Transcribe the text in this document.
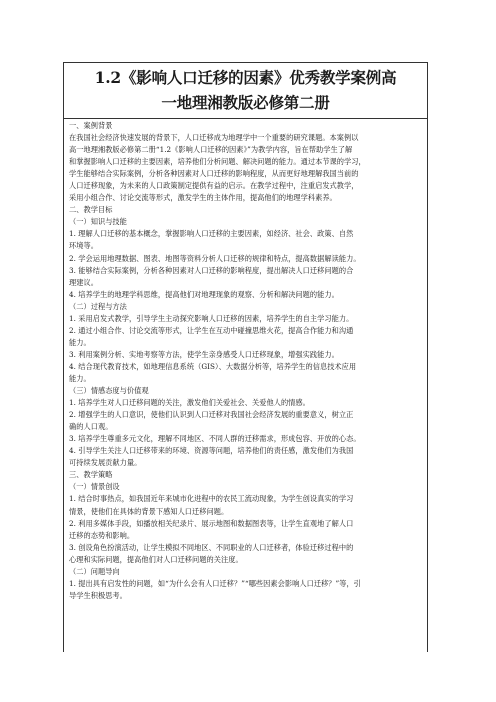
1.2《影响人口迁移的因素》优秀教学案例高
一地理湘教版必修第二册
一、案例背景
在我国社会经济快速发展的背景下，人口迁移成为地理学中一个重要的研究课题。本案例以
高一地理湘教版必修第二册“1.2《影响人口迁移的因素》”为教学内容，旨在帮助学生了解
和掌握影响人口迁移的主要因素，培养他们分析问题、解决问题的能力。通过本节课的学习，
学生能够结合实际案例，分析各种因素对人口迁移的影响程度，从而更好地理解我国当前的
人口迁移现象，为未来的人口政策制定提供有益的启示。在教学过程中，注重启发式教学，
采用小组合作、讨论交流等形式，激发学生的主体作用，提高他们的地理学科素养。
二、教学目标
（一）知识与技能
1. 理解人口迁移的基本概念，掌握影响人口迁移的主要因素，如经济、社会、政策、自然
环境等。
2. 学会运用地理数据、图表、地图等资料分析人口迁移的规律和特点，提高数据解读能力。
3. 能够结合实际案例，分析各种因素对人口迁移的影响程度，提出解决人口迁移问题的合
理建议。
4. 培养学生的地理学科思维，提高他们对地理现象的观察、分析和解决问题的能力。
（二）过程与方法
1. 采用启发式教学，引导学生主动探究影响人口迁移的因素，培养学生的自主学习能力。
2. 通过小组合作、讨论交流等形式，让学生在互动中碰撞思维火花，提高合作能力和沟通
能力。
3. 利用案例分析、实地考察等方法，使学生亲身感受人口迁移现象，增强实践能力。
4. 结合现代教育技术，如地理信息系统（GIS）、大数据分析等，培养学生的信息技术应用
能力。
（三）情感态度与价值观
1. 培养学生对人口迁移问题的关注，激发他们关爱社会、关爱他人的情感。
2. 增强学生的人口意识，使他们认识到人口迁移对我国社会经济发展的重要意义，树立正
确的人口观。
3. 培养学生尊重多元文化，理解不同地区、不同人群的迁移需求，形成包容、开放的心态。
4. 引导学生关注人口迁移带来的环境、资源等问题，培养他们的责任感，激发他们为我国
可持续发展贡献力量。
三、教学策略
（一）情景创设
1. 结合时事热点，如我国近年来城市化进程中的农民工流动现象，为学生创设真实的学习
情景，使他们在具体的背景下感知人口迁移问题。
2. 利用多媒体手段，如播放相关纪录片、展示地图和数据图表等，让学生直观地了解人口
迁移的态势和影响。
3. 创设角色扮演活动，让学生模拟不同地区、不同职业的人口迁移者，体验迁移过程中的
心理和实际问题，提高他们对人口迁移问题的关注度。
（二）问题导向
1. 提出具有启发性的问题，如“为什么会有人口迁移？”“哪些因素会影响人口迁移？”等，引
导学生积极思考。
